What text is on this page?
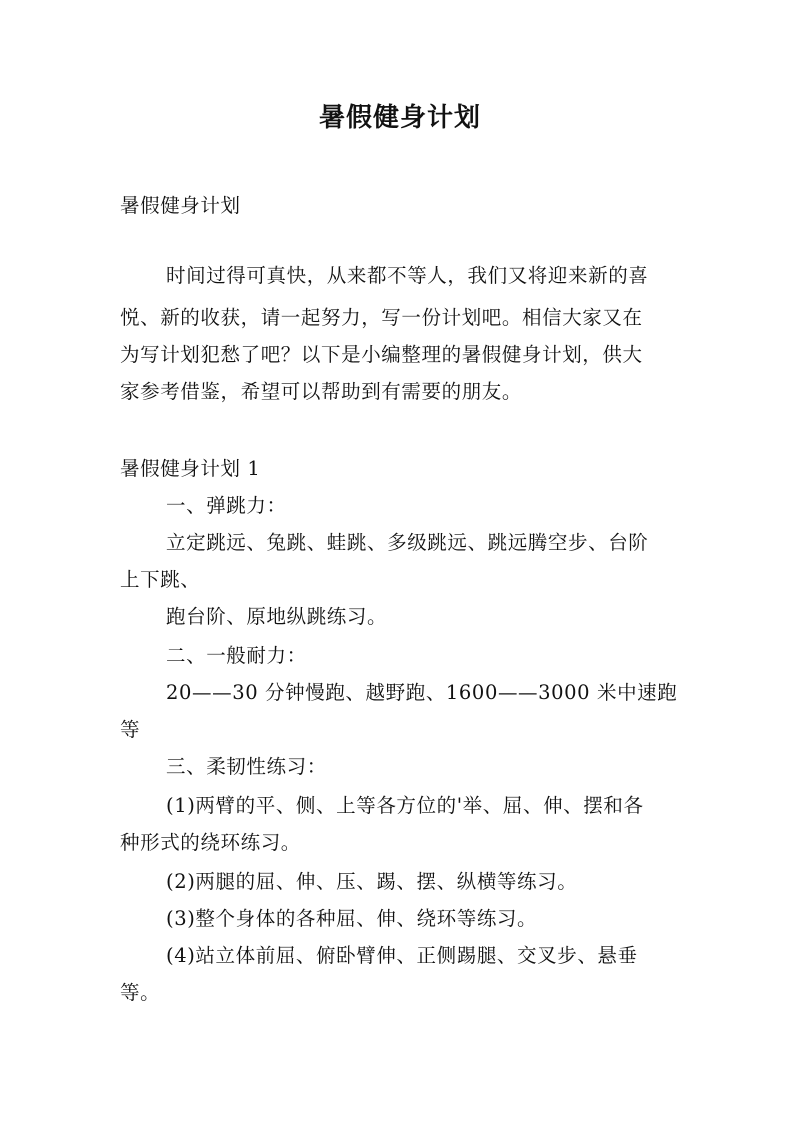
暑假健身计划
暑假健身计划
时间过得可真快，从来都不等人，我们又将迎来新的喜
悦、新的收获，请一起努力，写一份计划吧。相信大家又在
为写计划犯愁了吧？以下是小编整理的暑假健身计划，供大
家参考借鉴，希望可以帮助到有需要的朋友。
暑假健身计划 1
一、弹跳力：
立定跳远、兔跳、蛙跳、多级跳远、跳远腾空步、台阶
上下跳、
跑台阶、原地纵跳练习。
二、一般耐力：
20——30 分钟慢跑、越野跑、1600——3000 米中速跑
等
三、柔韧性练习：
(1)两臂的平、侧、上等各方位的'举、屈、伸、摆和各
种形式的绕环练习。
(2)两腿的屈、伸、压、踢、摆、纵横等练习。
(3)整个身体的各种屈、伸、绕环等练习。
(4)站立体前屈、俯卧臂伸、正侧踢腿、交叉步、悬垂
等。
